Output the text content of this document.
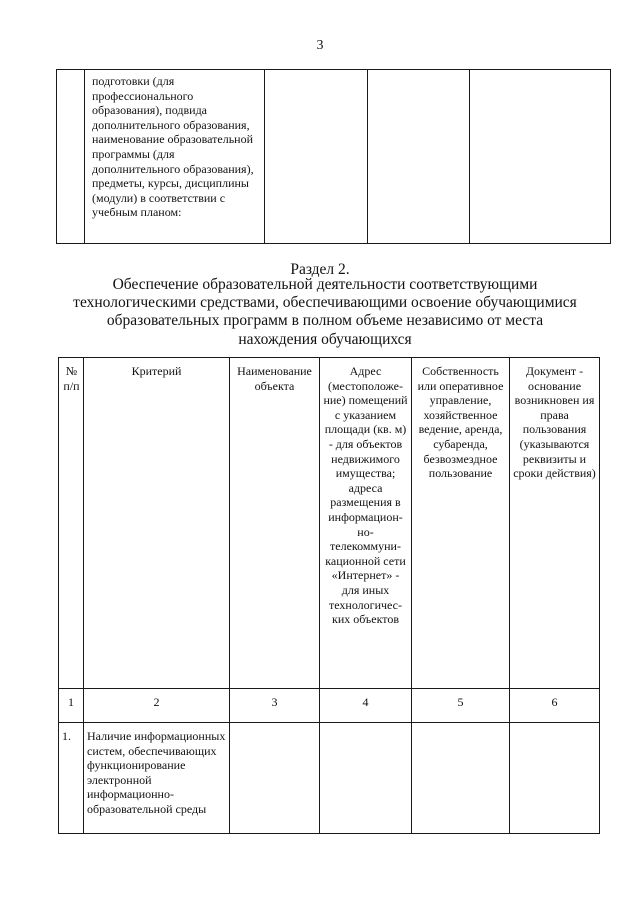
3

подготовки (для профессионального образования), подвида дополнительного образования, наименование образовательной программы (для дополнительного образования), предметы, курсы, дисциплины (модули) в соответствии с учебным планом:

Раздел 2.
Обеспечение образовательной деятельности соответствующими технологическими средствами, обеспечивающими освоение обучающимися образовательных программ в полном объеме независимо от места нахождения обучающихся
№ п/п	Критерий	Наименование объекта	Адрес (местоположе-ние) помещений с указанием площади (кв. м) - для объектов недвижимого имущества; адреса размещения в информацион-но-телекоммуни-кационной сети «Интернет» - для иных технологичес-ких объектов	Собственность или оперативное управление, хозяйственное ведение, аренда, субаренда, безвозмездное пользование	Документ - основание возникновен ия права пользования (указываются реквизиты и сроки действия)
1	2	3	4	5	6
1.	Наличие информационных систем, обеспечивающих функционирование электронной информационно-образовательной среды				
